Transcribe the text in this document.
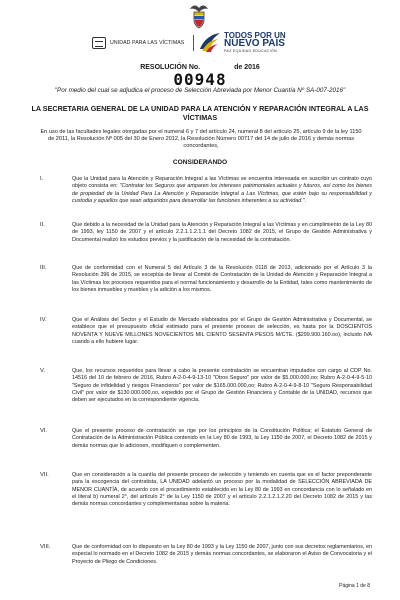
UNIDAD PARA LAS VÍCTIMAS
TODOS POR UN
NUEVO PAÍS
PAZ EQUIDAD EDUCACIÓN
RESOLUCIÓN No.	de 2016
00948
"Por medio del cual se adjudica el proceso de Selección Abreviada por Menor Cuantía Nº SA-007-2016"
LA SECRETARIA GENERAL DE LA UNIDAD PARA LA ATENCIÓN Y REPARACIÓN INTEGRAL A LAS VÍCTIMAS
En uso de las facultades legales otorgadas por el numeral 6 y 7 del artículo 24, numeral 8 del artículo 25, artículo 9 de la ley 1150 de 2011, la Resolución Nº 005 del 30 de Enero 2012, la Resolución Número 00717 del 14 de julio de 2016 y demás normas concordantes,
CONSIDERANDO
I.	Que la Unidad para la Atención y Reparación Integral a las Víctimas se encuentra interesada en suscribir un contrato cuyo objeto consista en: "Contratar los Seguros que amparen los intereses patrimoniales actuales y futuros, así como los bienes de propiedad de la Unidad Para La Atención y Reparación Integral a Las Víctimas, que estén bajo su responsabilidad y custodia y aquellos que sean adquiridos para desarrollar las funciones inherentes a su actividad.".
II.	Que debido a la necesidad de la Unidad para la Atención y Reparación Integral a las Víctimas y en cumplimiento de la Ley 80 de 1993, ley 1150 de 2007 y el artículo 2.2.1.1.2.1.1 del Decreto 1082 de 2015, el Grupo de Gestión Administrativa y Documental realizó los estudios previos y la justificación de la necesidad de la contratación.
III.	Que de conformidad con el Numeral 5 del Artículo 3 de la Resolución 0118 de 2013, adicionado por el Artículo 3 la Resolución 396 de 2015, se exceptúa de llevar al Comité de Contratación de la Unidad de Atención y Reparación Integral a las Víctimas los procesos requeridos para el normal funcionamiento y desarrollo de la Entidad, tales como mantenimiento de los bienes inmuebles y muebles y la adición a los mismos.
IV.	Que el Análisis del Sector y el Estudio de Mercado elaborados por el Grupo de Gestión Administrativa y Documental, se establece que el presupuesto oficial estimado para el presente proceso de selección, es hasta por la DOSCIENTOS NOVENTA Y NUEVE MILLONES NOVECIENTOS MIL CIENTO SESENTA PESOS M/CTE. ($299.900.160.oo), incluido IVA cuando a ello hubiere lugar.
V.	Que, los recursos requeridos para llevar a cabo la presente contratación se encuentran imputados con cargo al CDP No. 14516 del 10 de febrero de 2016, Rubro A-2-0-4-9-13-10 "Otros Seguro" por valor de $5.000.000,oo; Rubro A-2-0-4-9-5-10 "Seguro de infidelidad y riesgos Financieros" por valor de $165.000.000,oo; Rubro A-2-0-4-9-8-10 "Seguro Responsabilidad Civil" por valor de $130.000.000,oo, expedido por el Grupo de Gestión Financiera y Contable de la UNIDAD, recursos que deben ser ejecutados en la correspondiente vigencia.
VI.	Que el presente proceso de contratación se rige por los principios de la Constitución Política; el Estatuto General de Contratación de la Administración Pública contenido en la Ley 80 de 1993, la Ley 1150 de 2007, el Decreto 1082 de 2015 y demás normas que lo adicionen, modifiquen o complementen.
VII.	Que en consideración a la cuantía del presente proceso de selección y teniendo en cuenta que es el factor preponderante para la escogencia del contratista, LA UNIDAD adelantó un proceso por la modalidad de SELECCIÓN ABREVIADA DE MENOR CUANTÍA, de acuerdo con el procedimiento establecido en la Ley 80 de 1993 en concordancia con lo señalado en el literal b) numeral 2°, del artículo 2° de la Ley 1150 de 2007 y el artículo 2.2.1.2.1.2.20 del Decreto 1082 de 2015 y las demás normas concordantes y complementarias sobre la materia.
VIII.	Que de conformidad con lo dispuesto en la Ley 80 de 1993 y la Ley 1150 de 2007, junto con sus decretos reglamentarios, en especial lo normado en el Decreto 1082 de 2015 y demás normas concordantes, se elaboraron el Aviso de Convocatoria y el Proyecto de Pliego de Condiciones.
Página 1 de 8
